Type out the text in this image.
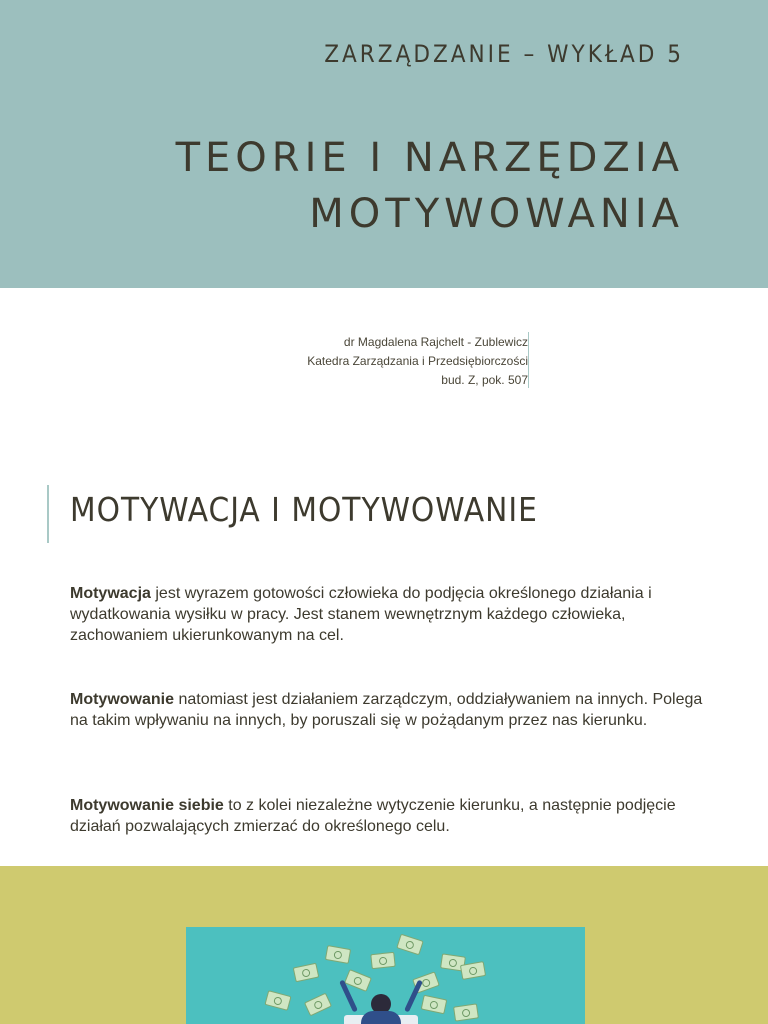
ZARZĄDZANIE – WYKŁAD 5
TEORIE I NARZĘDZIA
MOTYWOWANIA
dr Magdalena Rajchelt - Zublewicz
Katedra Zarządzania i Przedsiębiorczości
bud. Z, pok. 507
MOTYWACJA I MOTYWOWANIE
Motywacja jest wyrazem gotowości człowieka do podjęcia określonego działania i wydatkowania wysiłku w pracy. Jest stanem wewnętrznym każdego człowieka, zachowaniem ukierunkowanym na cel.
Motywowanie natomiast jest działaniem zarządczym, oddziaływaniem na innych. Polega na takim wpływaniu na innych, by poruszali się w pożądanym przez nas kierunku.
Motywowanie siebie to z kolei niezależne wytyczenie kierunku, a następnie podjęcie działań pozwalających zmierzać do określonego celu.
